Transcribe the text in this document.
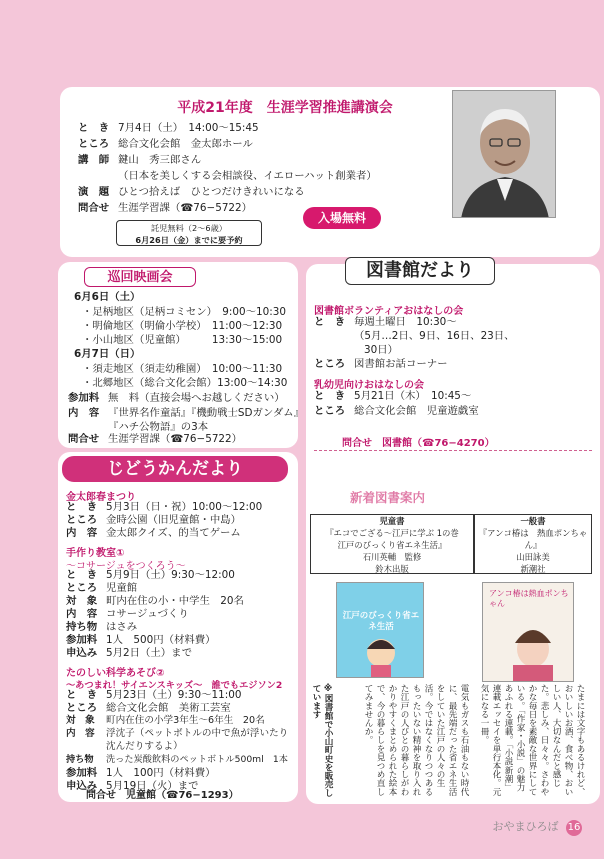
平成21年度　生涯学習推進講演会
と　き 7月4日（土）　14:00～15:45
ところ 総合文化会館　金太郎ホール
講　師 鍵山　秀三郎さん
（日本を美しくする会相談役、イエローハット創業者）
演　題 ひとつ拾えば　ひとつだけきれいになる
問合せ 生涯学習課（☎76−5722）
入場無料
託児無料（2～6歳）
6月26日（金）までに要予約
6月6日（土）
・足柄地区（足柄コミセン）　9:00～10:30
・明倫地区（明倫小学校）　11:00～12:30
・小山地区（児童館）　　　13:30～15:00
6月7日（日）
・須走地区（須走幼稚園）　10:00～11:30
・北郷地区（総合文化会館）13:00～14:30
参加料 無　料（直接会場へお越しください）
内　容 『世界名作童話』『機動戦士SDガンダム』
『ハチ公物語』の3本
問合せ 生涯学習課（☎76−5722）
巡回映画会
図書館ボランティアおはなしの会
と　き 毎週土曜日　10:30～
（5月…2日、9日、16日、23日、
30日）
ところ 図書館お話コーナー
乳幼児向けおはなしの会
と　き 5月21日（木）　10:45～
ところ 総合文化会館　児童遊戯室
問合せ　図書館（☎76−4270）
新着図書案内
児童書
『エコでござる～江戸に学ぶ 1の巻
江戸のびっくり省エネ生活』
石川英輔　監修
鈴木出版
一般書
『アンコ椿は　熱血ポンちゃん』
山田詠美
新潮社
江戸のびっくり省エネ生活
アンコ椿は熱血ポンちゃん
電気もガスも石油もない時代に、最先端だった省エネ生活をしていた江戸の人々の生活。今ではなくなりつつあるもったいない精神を取り入れた江戸の人びとの暮らしがわかりやすくまとめられた絵本で、今の暮らしを見つめ直してみませんか。
※図書館で小山町史を販売しています	たまには文字もあるけれど、おいしいお酒、食べ物、おいしい人、大切なんだと感じた。悲しみ、日々々。さわやかな毎日を素敵な世界にしている。「作家・小説」の魅力あふれる連載。「小説新潮」連載エッセイを単行本化。元気になる一冊。
図書館だより
金太郎春まつり
と　き 5月3日（日・祝）10:00～12:00
ところ 金時公園（旧児童館・中島）
内　容 金太郎クイズ、的当てゲーム
手作り教室①
～コサージュをつくろう～
と　き 5月9日（土）9:30～12:00
ところ 児童館
対　象 町内在住の小・中学生　20名
内　容 コサージュづくり
持ち物 はさみ
参加料 1人　500円（材料費）
申込み 5月2日（土）まで
たのしい科学あそび②
～あつまれ！サイエンスキッズ～　誰でもエジソン2
と　き 5月23日（土）9:30～11:00
ところ 総合文化会館　美術工芸室
対　象 町内在住の小学3年生～6年生　20名
内　容 浮沈子（ペットボトルの中で魚が浮いたり
沈んだりするよ）
持ち物 洗った炭酸飲料のペットボトル500ml　1本
参加料 1人　100円（材料費）
申込み 5月19日（火）まで
じどうかんだより
問合せ　児童館（☎76−1293）
おやまひろば 16
